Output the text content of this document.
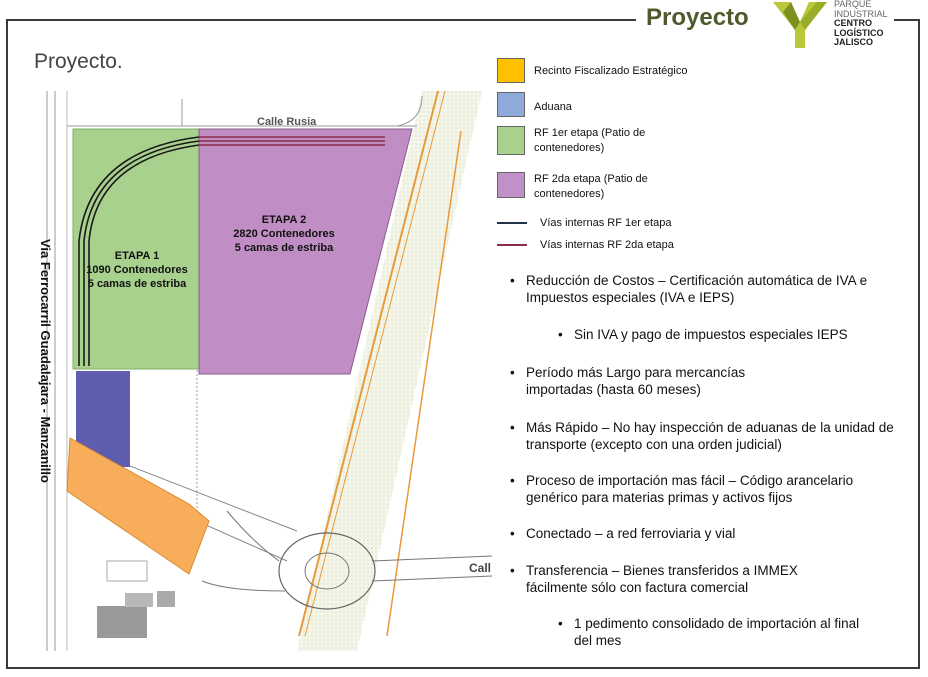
Proyecto	PARQUE
INDUSTRIAL
CENTRO
LOGÍSTICO
JALISCO
Proyecto.
Calle Rusia
Call
Via Ferrocarril Guadalajara - Manzanillo	ETAPA 1
1090 Contenedores
5 camas de estriba
ETAPA 2
2820 Contenedores
5 camas de estriba
Recinto Fiscalizado Estratégico
Aduana
RF 1er etapa (Patio de contenedores)
RF 2da etapa (Patio de contenedores)
Vías internas RF 1er etapa
Vías internas RF 2da etapa
• Reducción de Costos – Certificación automática de IVA e Impuestos especiales (IVA e IEPS)
• Sin IVA y pago de impuestos especiales IEPS
• Período más Largo para mercancías importadas (hasta 60 meses)
• Más Rápido – No hay inspección de aduanas de la unidad de transporte (excepto con una orden judicial)
• Proceso de importación mas fácil – Código arancelario genérico para materias primas y activos fijos
• Conectado – a red ferroviaria y vial
• Transferencia – Bienes transferidos a IMMEX fácilmente sólo con factura comercial
• 1 pedimento consolidado de importación al final del mes
